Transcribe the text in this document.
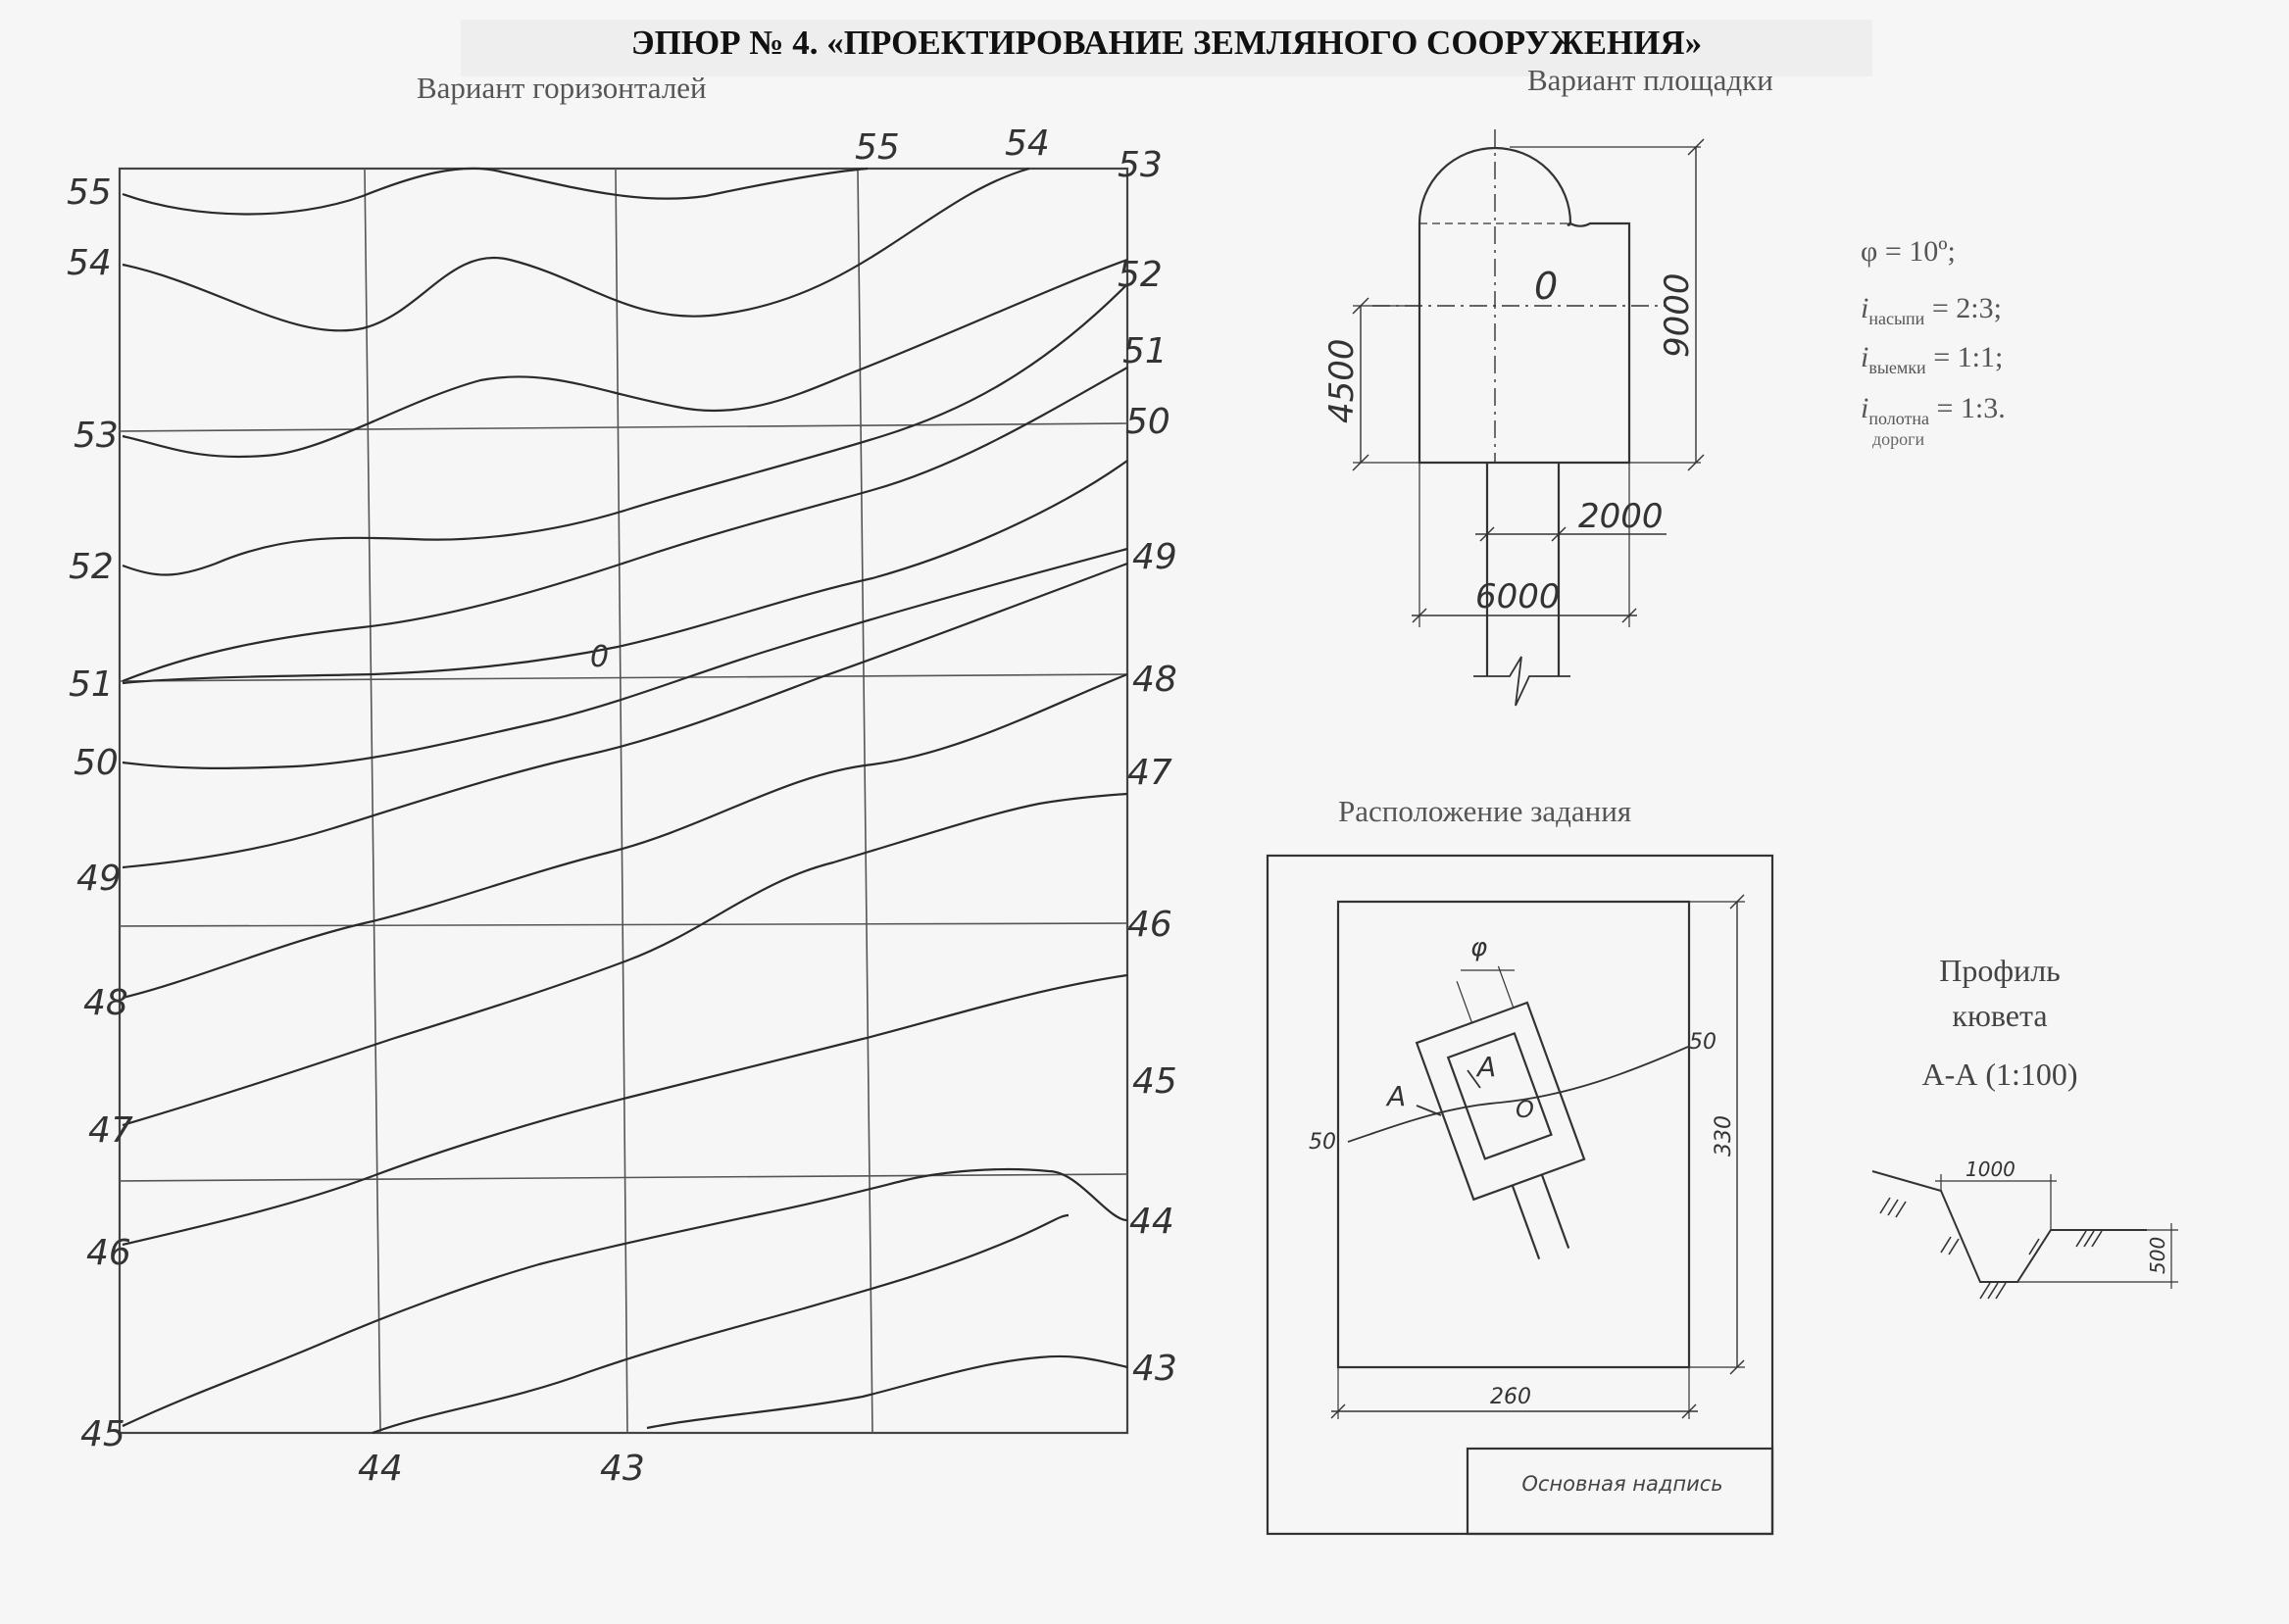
ЭПЮР № 4. «ПРОЕКТИРОВАНИЕ ЗЕМЛЯНОГО СООРУЖЕНИЯ»
Вариант горизонталей	Вариант площадки
Расположение задания
55
54
53
52
51
50
49
48
47
46
45
53
52
51
50
49
48
47
46
45
44
43
55	54
44	43
0
0	9000
4500
2000
6000
φ = 10º;
$i_{насыпи}$ = 2:3;
$i_{выемки}$ = 1:1;
$i_{полотна}$ = 1:3.
дороги
φ
A
A
O
50
50
330
260
Основная надпись
Профиль
кювета
А-А (1:100)
1000
500
